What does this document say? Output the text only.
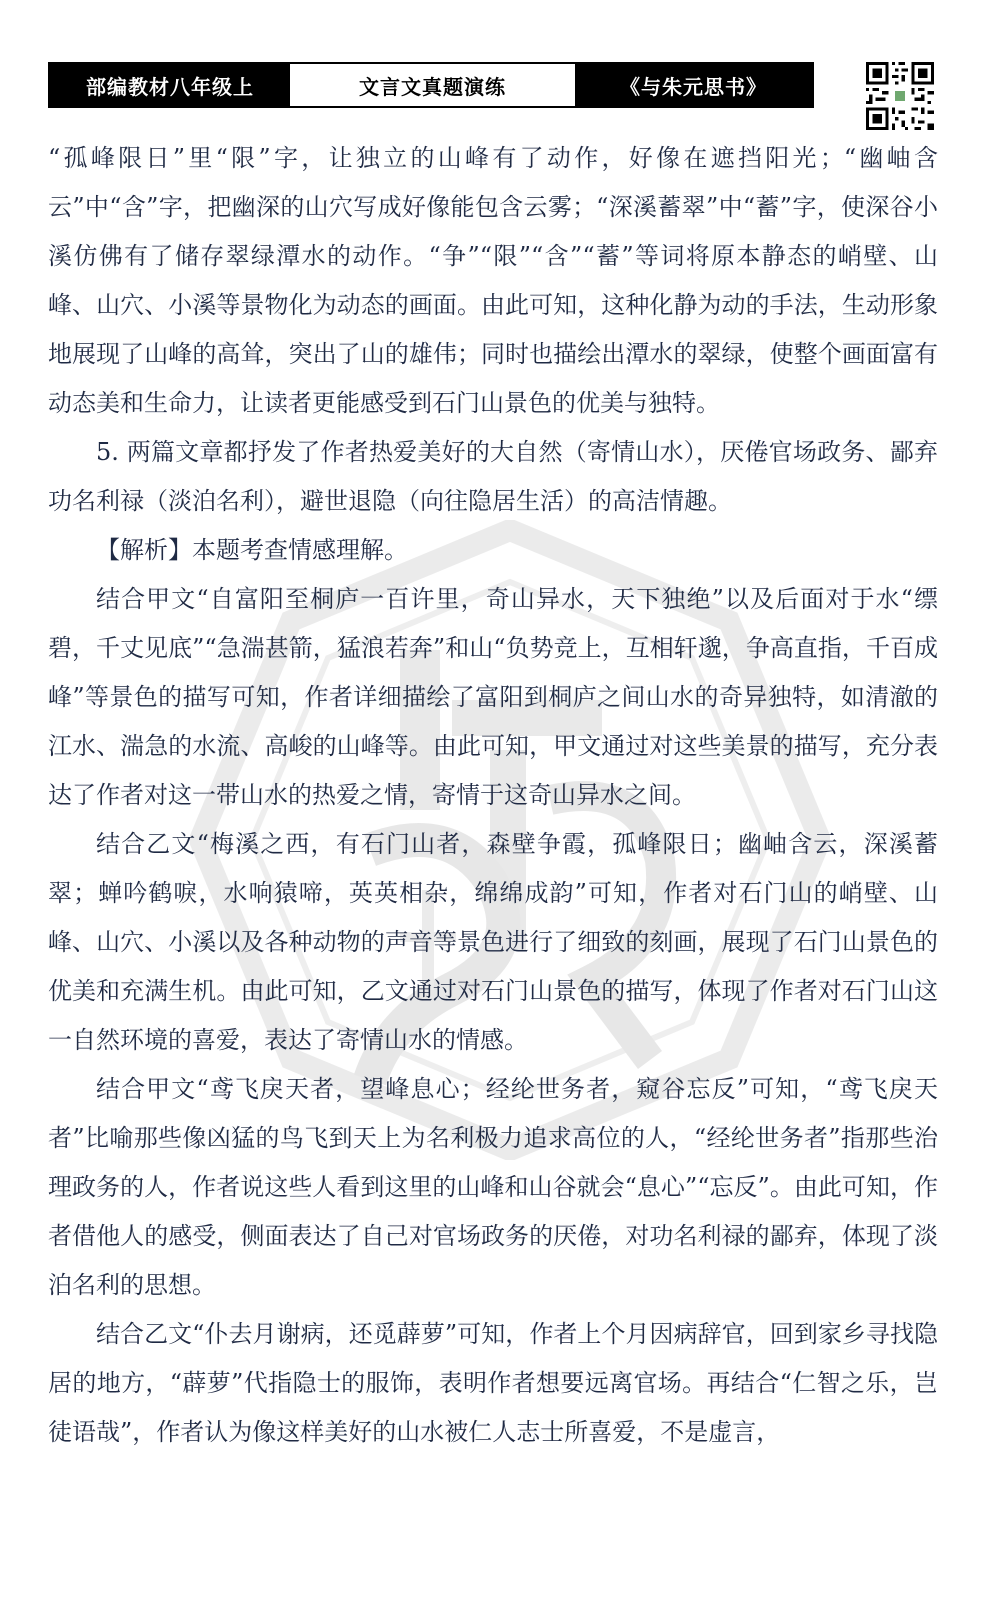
部编教材八年级上	文言文真题演练	《与朱元思书》

“孤峰限日”里“限”字，让独立的山峰有了动作，好像在遮挡阳光；“幽岫含云”中“含”字，把幽深的山穴写成好像能包含云雾；“深溪蓄翠”中“蓄”字，使深谷小溪仿佛有了储存翠绿潭水的动作。“争”“限”“含”“蓄”等词将原本静态的峭壁、山峰、山穴、小溪等景物化为动态的画面。由此可知，这种化静为动的手法，生动形象地展现了山峰的高耸，突出了山的雄伟；同时也描绘出潭水的翠绿，使整个画面富有动态美和生命力，让读者更能感受到石门山景色的优美与独特。

5. 两篇文章都抒发了作者热爱美好的大自然（寄情山水），厌倦官场政务、鄙弃功名利禄（淡泊名利），避世退隐（向往隐居生活）的高洁情趣。

【解析】本题考查情感理解。

结合甲文“自富阳至桐庐一百许里，奇山异水，天下独绝”以及后面对于水“缥碧，千丈见底”“急湍甚箭，猛浪若奔”和山“负势竞上，互相轩邈，争高直指，千百成峰”等景色的描写可知，作者详细描绘了富阳到桐庐之间山水的奇异独特，如清澈的江水、湍急的水流、高峻的山峰等。由此可知，甲文通过对这些美景的描写，充分表达了作者对这一带山水的热爱之情，寄情于这奇山异水之间。

结合乙文“梅溪之西，有石门山者，森壁争霞，孤峰限日；幽岫含云，深溪蓄翠；蝉吟鹤唳，水响猿啼，英英相杂，绵绵成韵”可知，作者对石门山的峭壁、山峰、山穴、小溪以及各种动物的声音等景色进行了细致的刻画，展现了石门山景色的优美和充满生机。由此可知，乙文通过对石门山景色的描写，体现了作者对石门山这一自然环境的喜爱，表达了寄情山水的情感。

结合甲文“鸢飞戾天者，望峰息心；经纶世务者，窥谷忘反”可知，“鸢飞戾天者”比喻那些像凶猛的鸟飞到天上为名利极力追求高位的人，“经纶世务者”指那些治理政务的人，作者说这些人看到这里的山峰和山谷就会“息心”“忘反”。由此可知，作者借他人的感受，侧面表达了自己对官场政务的厌倦，对功名利禄的鄙弃，体现了淡泊名利的思想。

结合乙文“仆去月谢病，还觅薜萝”可知，作者上个月因病辞官，回到家乡寻找隐居的地方，“薜萝”代指隐士的服饰，表明作者想要远离官场。再结合“仁智之乐，岂徒语哉”，作者认为像这样美好的山水被仁人志士所喜爱，不是虚言，
